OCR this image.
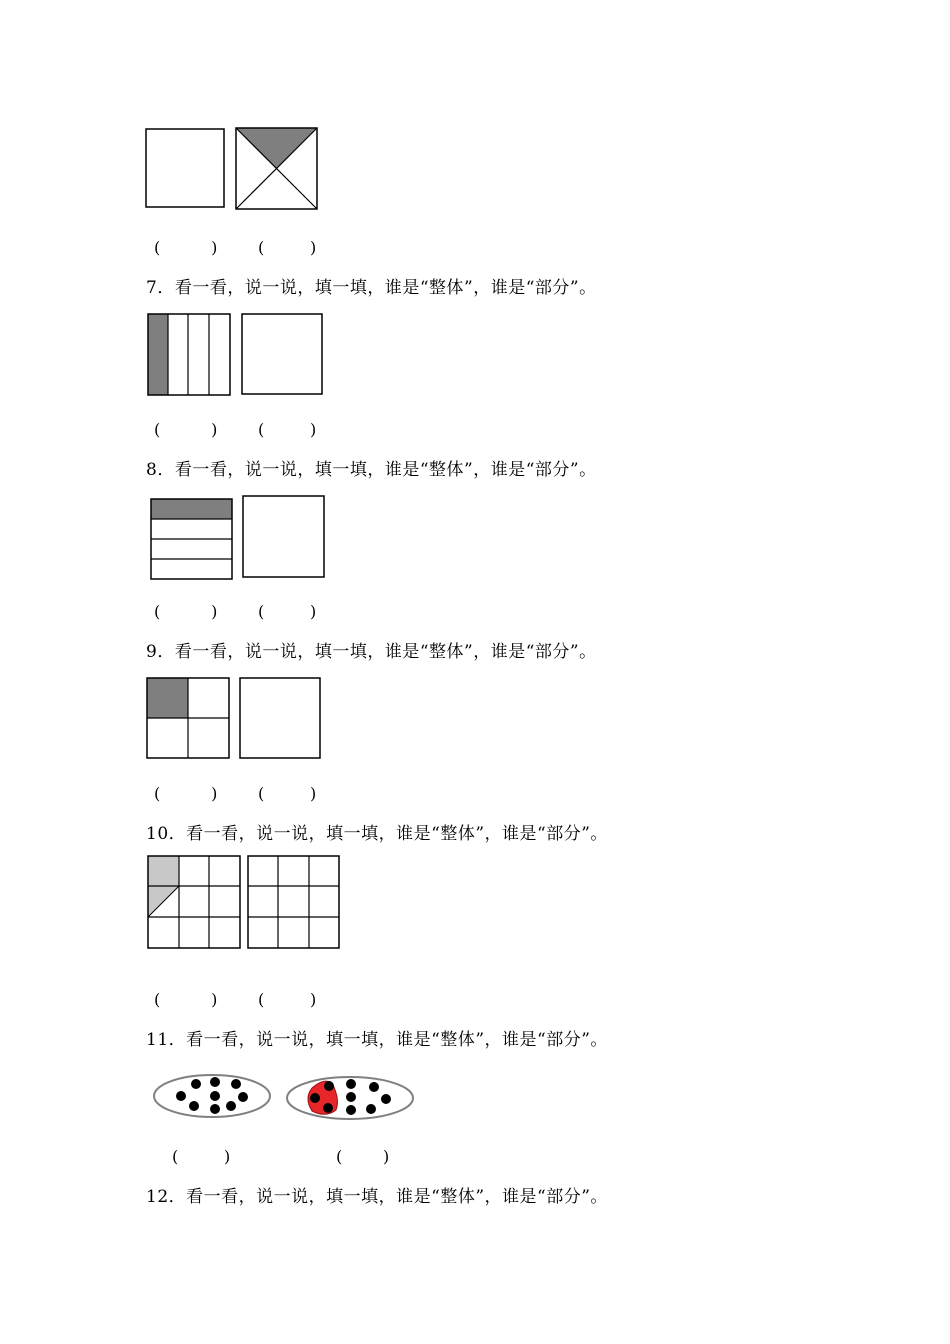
(	)	(	)
7．看一看，说一说，填一填，谁是“整体”，谁是“部分”。
(	)	(	)
8．看一看，说一说，填一填，谁是“整体”，谁是“部分”。
(	)	(	)
9．看一看，说一说，填一填，谁是“整体”，谁是“部分”。
(	)	(	)
10．看一看，说一说，填一填，谁是“整体”，谁是“部分”。
(	)	(	)
11．看一看，说一说，填一填，谁是“整体”，谁是“部分”。
(	)	(	)
12．看一看，说一说，填一填，谁是“整体”，谁是“部分”。
